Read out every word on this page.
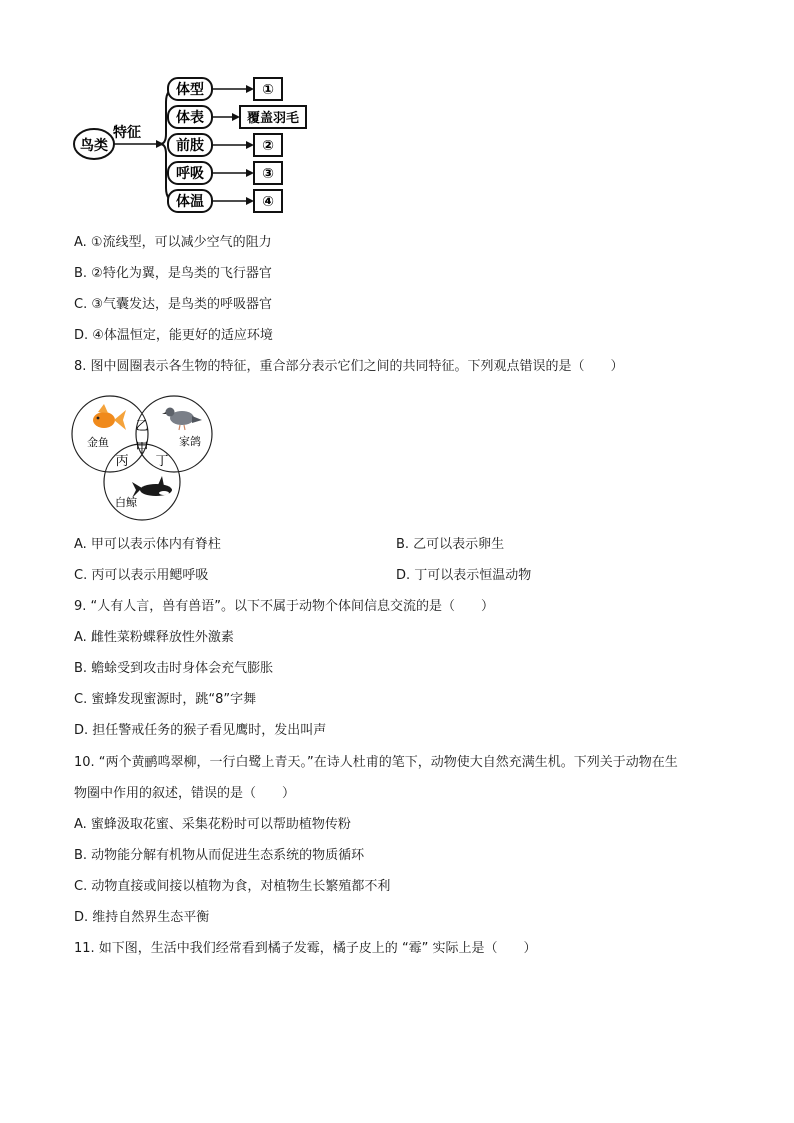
鸟类
特征
体型	①
体表	覆盖羽毛
前肢	②
呼吸	③
体温	④
A. ①流线型，可以减少空气的阻力
B. ②特化为翼，是鸟类的飞行器官
C. ③气囊发达，是鸟类的呼吸器官
D. ④体温恒定，能更好的适应环境
8. 图中圆圈表示各生物的特征，重合部分表示它们之间的共同特征。下列观点错误的是（　　）
金鱼	家鸽
白鲸
乙
甲
丙 丁
A. 甲可以表示体内有脊柱	B. 乙可以表示卵生
C. 丙可以表示用鳃呼吸	D. 丁可以表示恒温动物
9. “人有人言，兽有兽语”。以下不属于动物个体间信息交流的是（　　）
A. 雌性菜粉蝶释放性外激素
B. 蟾蜍受到攻击时身体会充气膨胀
C. 蜜蜂发现蜜源时，跳“8”字舞
D. 担任警戒任务的猴子看见鹰时，发出叫声
10. “两个黄鹂鸣翠柳，一行白鹭上青天。”在诗人杜甫的笔下，动物使大自然充满生机。下列关于动物在生
物圈中作用的叙述，错误的是（　　）
A. 蜜蜂汲取花蜜、采集花粉时可以帮助植物传粉
B. 动物能分解有机物从而促进生态系统的物质循环
C. 动物直接或间接以植物为食，对植物生长繁殖都不利
D. 维持自然界生态平衡
11. 如下图，生活中我们经常看到橘子发霉，橘子皮上的 “霉” 实际上是（　　）
